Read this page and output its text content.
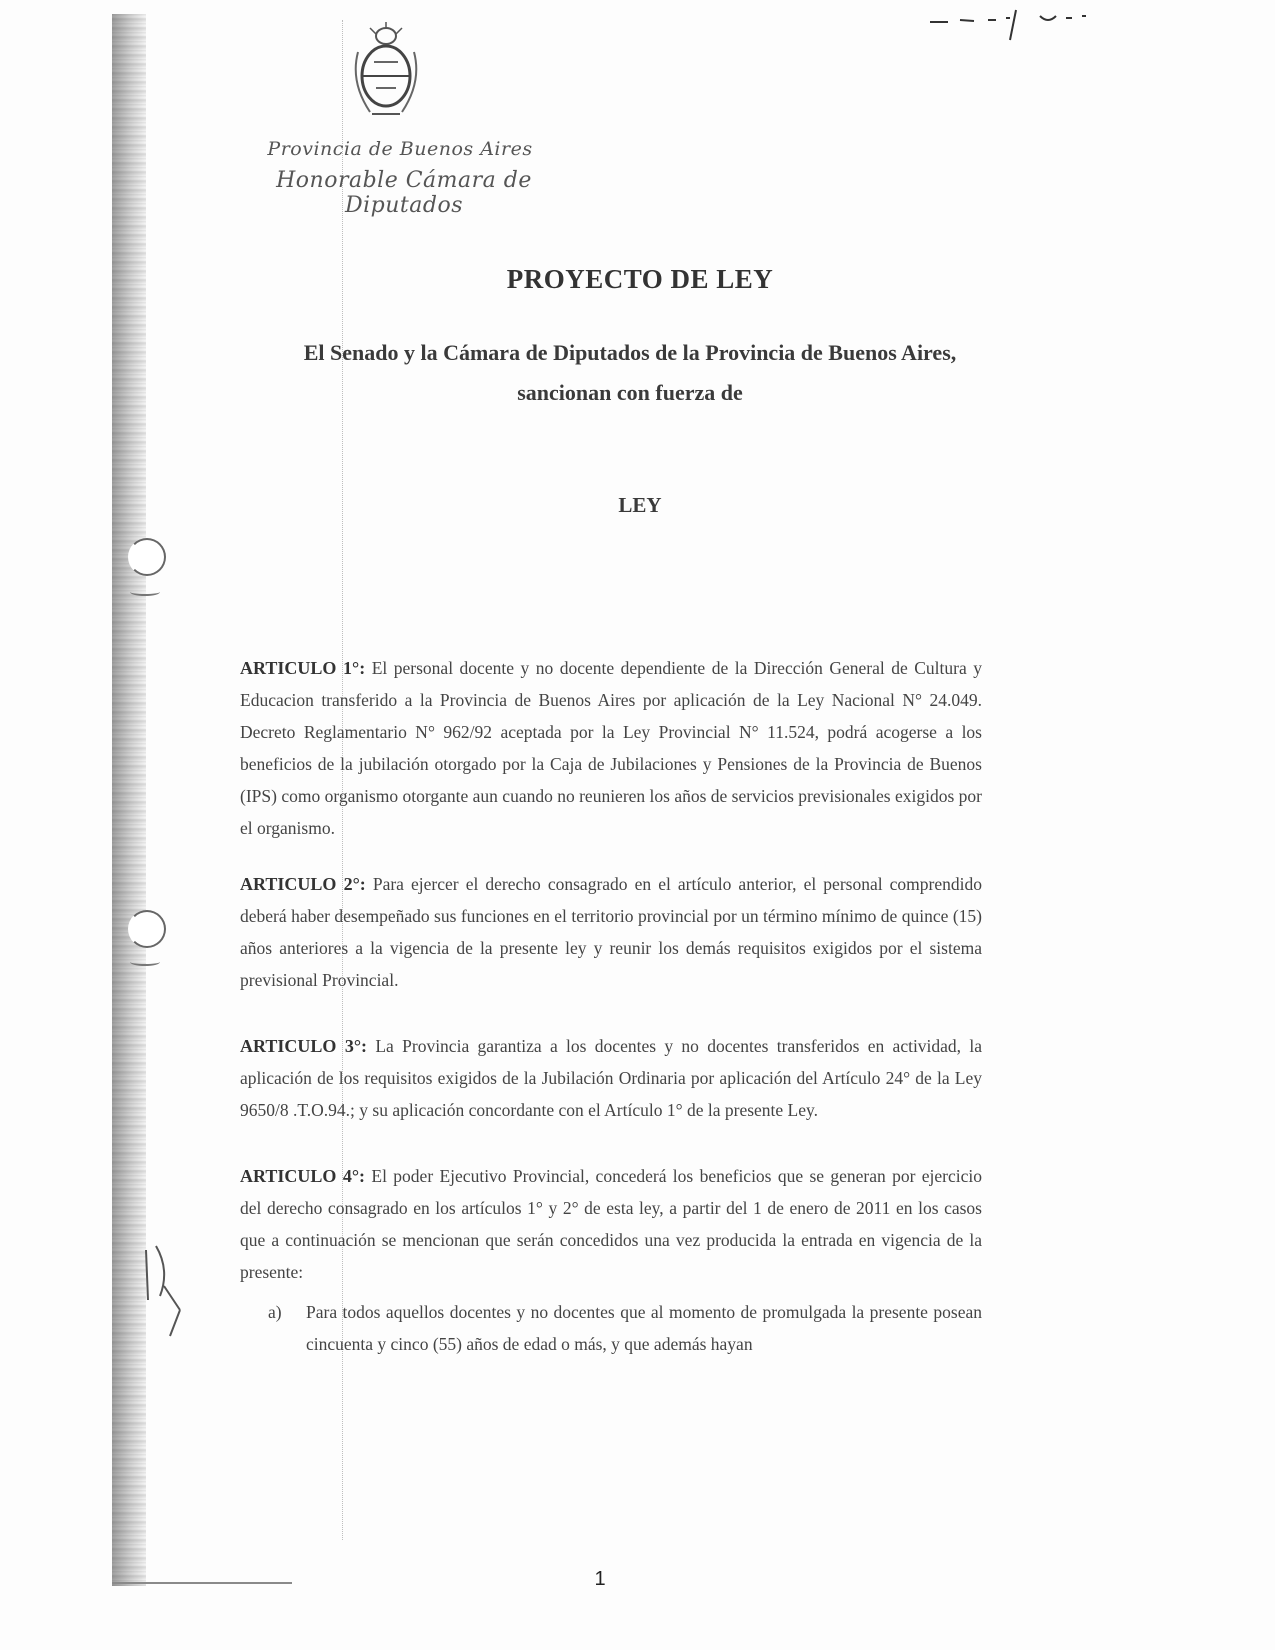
Provincia de Buenos Aires
Honorable Cámara de Diputados
PROYECTO DE LEY
El Senado y la Cámara de Diputados de la Provincia de Buenos Aires,
sancionan con fuerza de
LEY
ARTICULO 1°: El personal docente y no docente dependiente de la Dirección General de Cultura y Educacion transferido a la Provincia de Buenos Aires por aplicación de la Ley Nacional N° 24.049. Decreto Reglamentario N° 962/92 aceptada por la Ley Provincial N° 11.524, podrá acogerse a los beneficios de la jubilación otorgado por la Caja de Jubilaciones y Pensiones de la Provincia de Buenos (IPS) como organismo otorgante aun cuando no reunieren los años de servicios previsionales exigidos por el organismo.
ARTICULO 2°: Para ejercer el derecho consagrado en el artículo anterior, el personal comprendido deberá haber desempeñado sus funciones en el territorio provincial por un término mínimo de quince (15) años anteriores a la vigencia de la presente ley y reunir los demás requisitos exigidos por el sistema previsional Provincial.
ARTICULO 3°: La Provincia garantiza a los docentes y no docentes transferidos en actividad, la aplicación de los requisitos exigidos de la Jubilación Ordinaria por aplicación del Artículo 24° de la Ley 9650/8 .T.O.94.; y su aplicación concordante con el Artículo 1° de la presente Ley.
ARTICULO 4°: El poder Ejecutivo Provincial, concederá los beneficios que se generan por ejercicio del derecho consagrado en los artículos 1° y 2° de esta ley, a partir del 1 de enero de 2011 en los casos que a continuación se mencionan que serán concedidos una vez producida la entrada en vigencia de la presente:
a) Para todos aquellos docentes y no docentes que al momento de promulgada la presente posean cincuenta y cinco (55) años de edad o más, y que además hayan
1
